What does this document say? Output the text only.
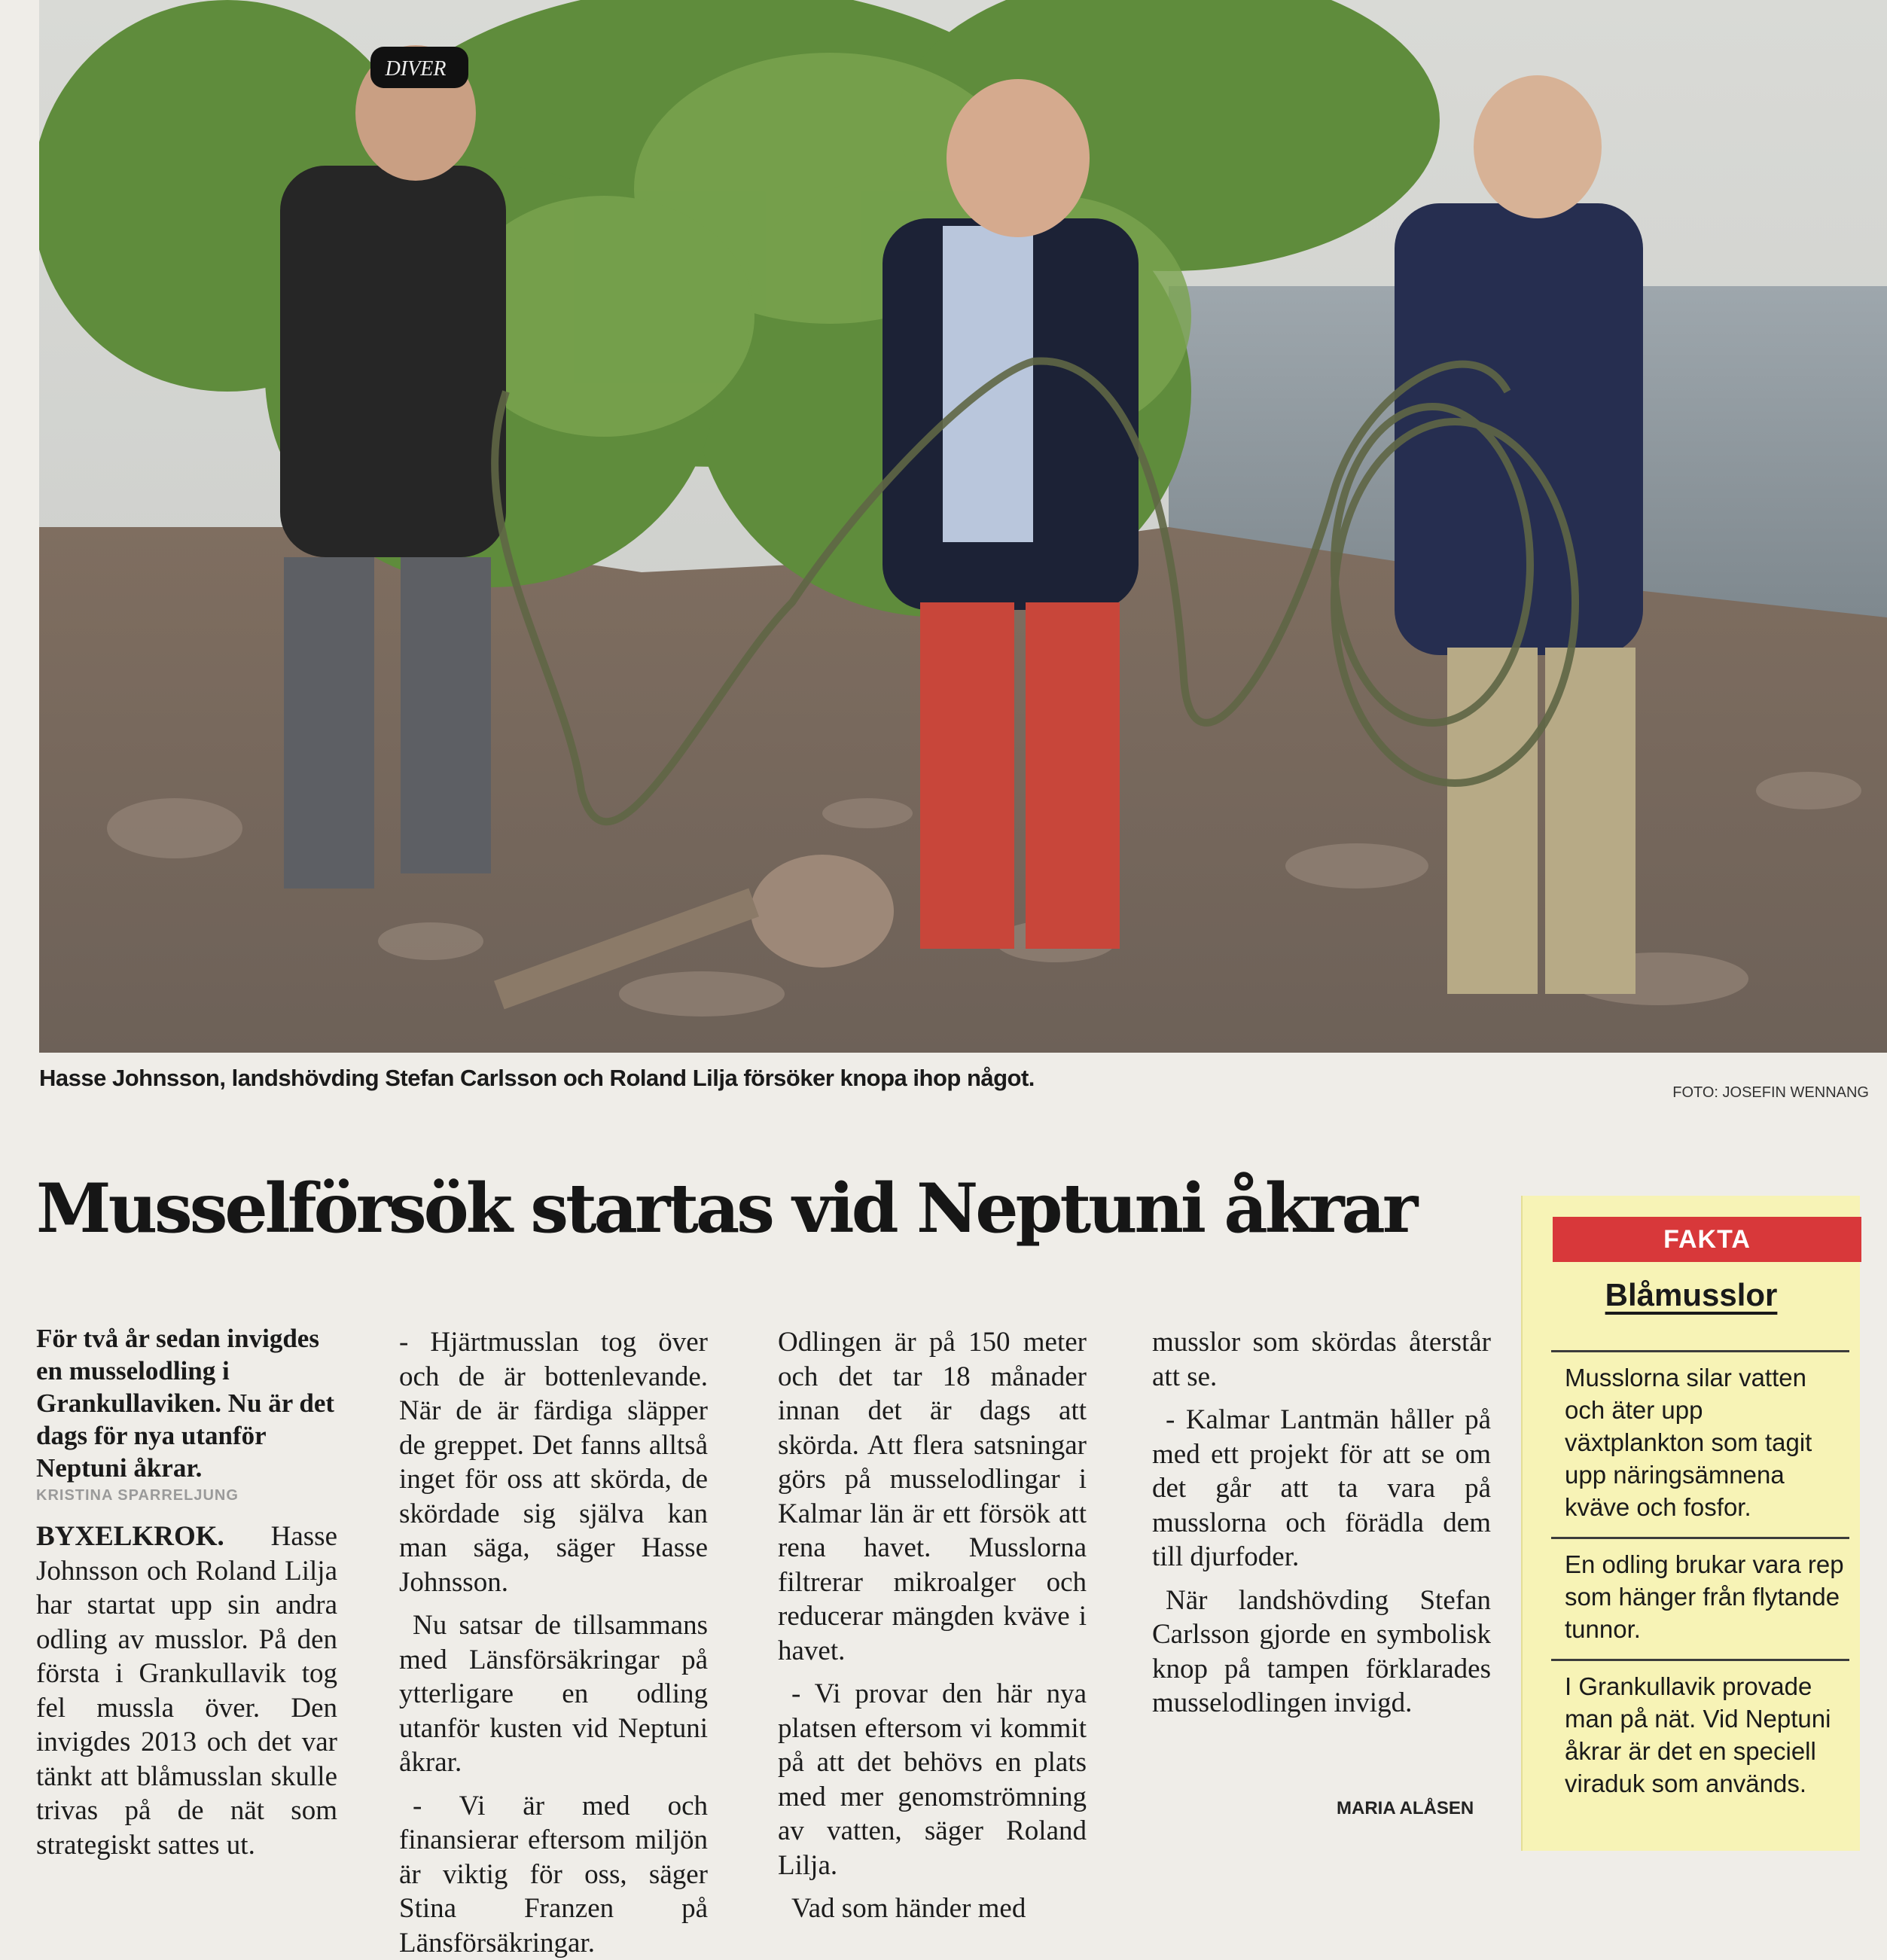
DIVER
Hasse Johnsson, landshövding Stefan Carlsson och Roland Lilja försöker knopa ihop något.
FOTO: JOSEFIN WENNANG
Musselförsök startas vid Neptuni åkrar
För två år sedan invigdes en musselodling i Grankullaviken. Nu är det dags för nya utanför Neptuni åkrar.
KRISTINA SPARRELJUNG

BYXELKROK. Hasse Johnsson och Roland Lilja har startat upp sin andra odling av musslor. På den första i Grankullavik tog fel mussla över. Den invigdes 2013 och det var tänkt att blåmusslan skulle trivas på de nät som strategiskt sattes ut.

- Hjärtmusslan tog över och de är bottenlevande. När de är färdiga släpper de greppet. Det fanns alltså inget för oss att skörda, de skördade sig själva kan man säga, säger Hasse Johnsson.

Nu satsar de tillsammans med Länsförsäkringar på ytterligare en odling utanför kusten vid Neptuni åkrar.

- Vi är med och finansierar eftersom miljön är viktig för oss, säger Stina Franzen på Länsförsäkringar.

Odlingen är på 150 meter och det tar 18 månader innan det är dags att skörda. Att flera satsningar görs på musselodlingar i Kalmar län är ett försök att rena havet. Musslorna filtrerar mikroalger och reducerar mängden kväve i havet.

- Vi provar den här nya platsen eftersom vi kommit på att det behövs en plats med mer genomströmning av vatten, säger Roland Lilja.

Vad som händer med

musslor som skördas återstår att se.

- Kalmar Lantmän håller på med ett projekt för att se om det går att ta vara på musslorna och förädla dem till djurfoder.

När landshövding Stefan Carlsson gjorde en symbolisk knop på tampen förklarades musselodlingen invigd.

MARIA ALÅSEN
FAKTA
Blåmusslor
Musslorna silar vatten och äter upp växtplankton som tagit upp näringsämnena kväve och fosfor.
En odling brukar vara rep som hänger från flytande tunnor.
I Grankullavik provade man på nät. Vid Neptuni åkrar är det en speciell viraduk som används.
